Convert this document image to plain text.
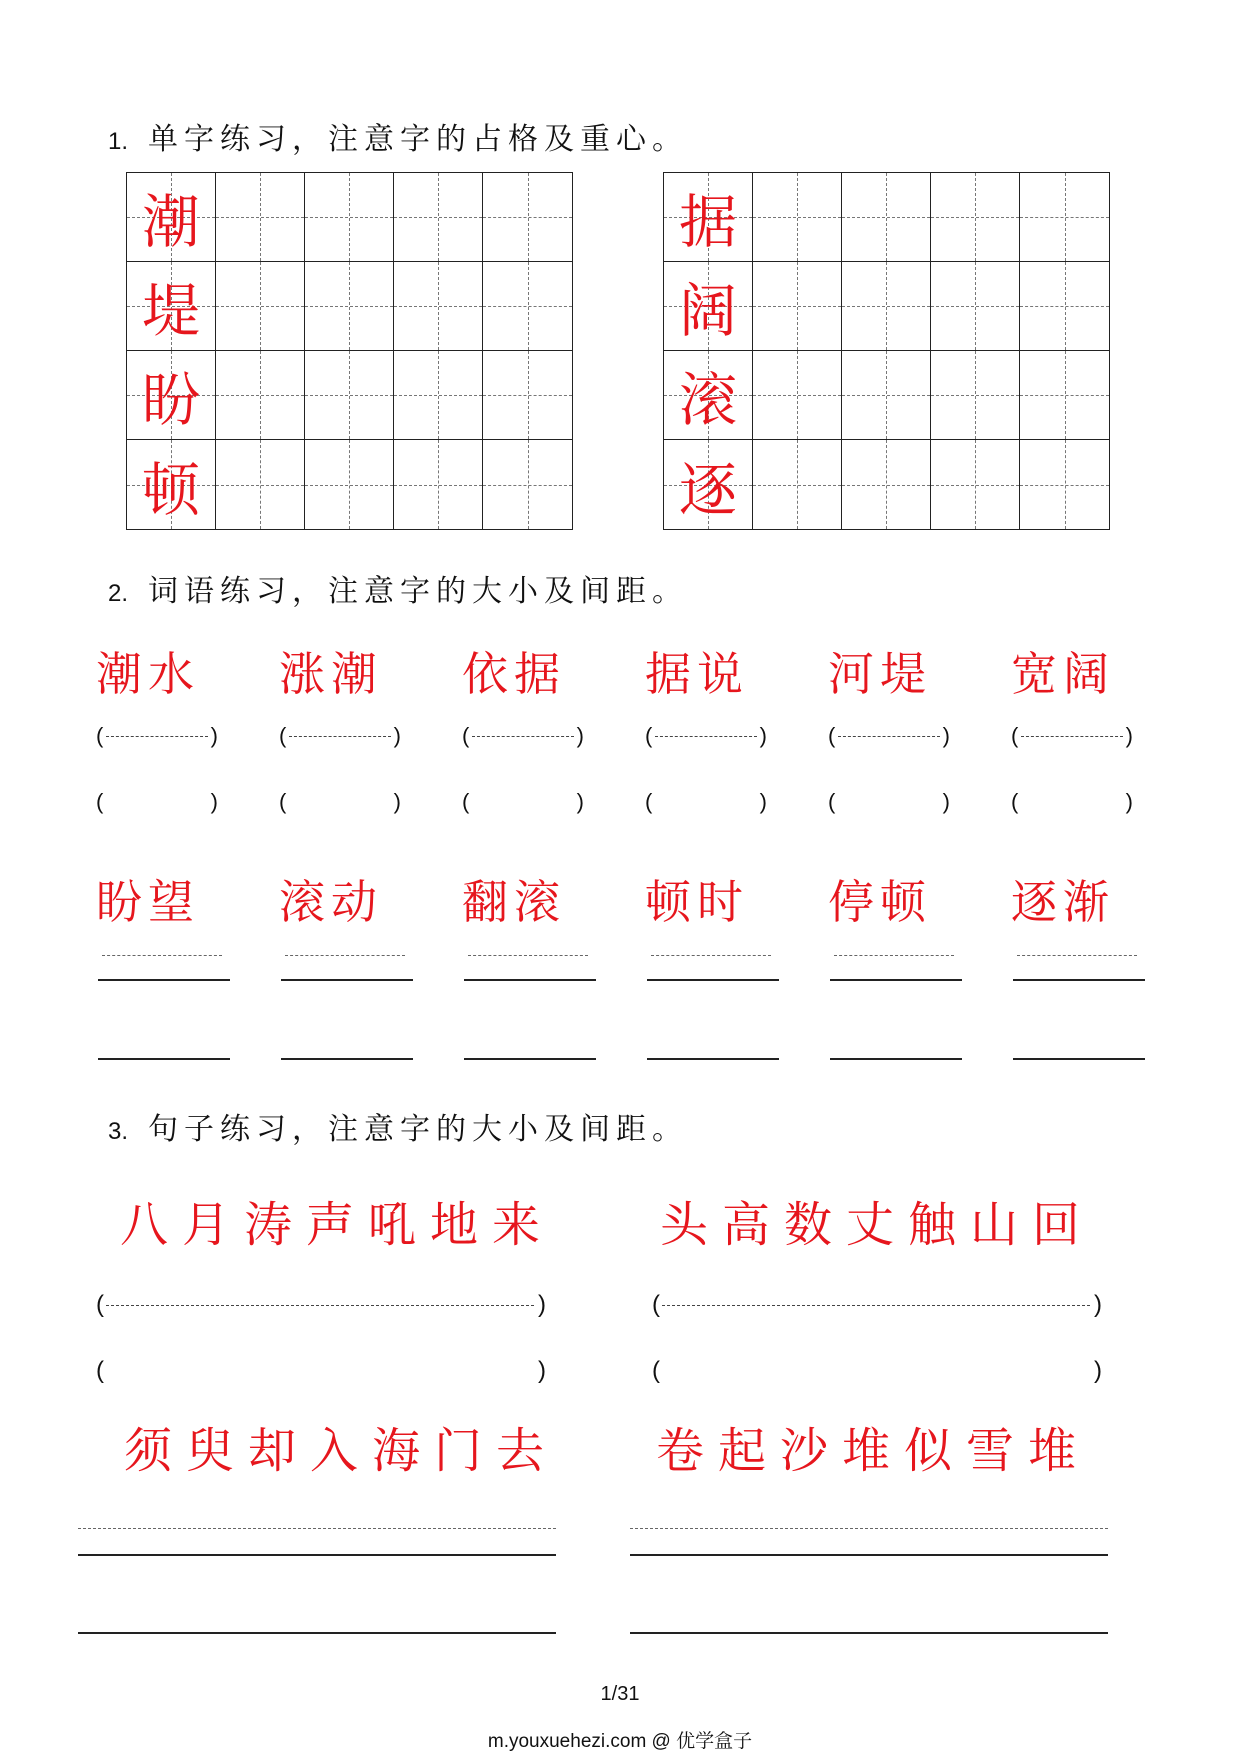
1. 单字练习，注意字的占格及重心。
潮
堤
盼
顿
据
阔
滚
逐
2. 词语练习，注意字的大小及间距。
潮水	涨潮	依据	据说	河堤	宽阔
(	)	(	)	(	)	(	)	(	)	(	)
(	)	(	)	(	)	(	)	(	)	(	)
盼望	滚动	翻滚	顿时	停顿	逐渐
3. 句子练习，注意字的大小及间距。
八月涛声吼地来 头高数丈触山回
(	)	(	)
(	)	(	)
须臾却入海门去 卷起沙堆似雪堆
1/31
m.youxuehezi.com @ 优学盒子
